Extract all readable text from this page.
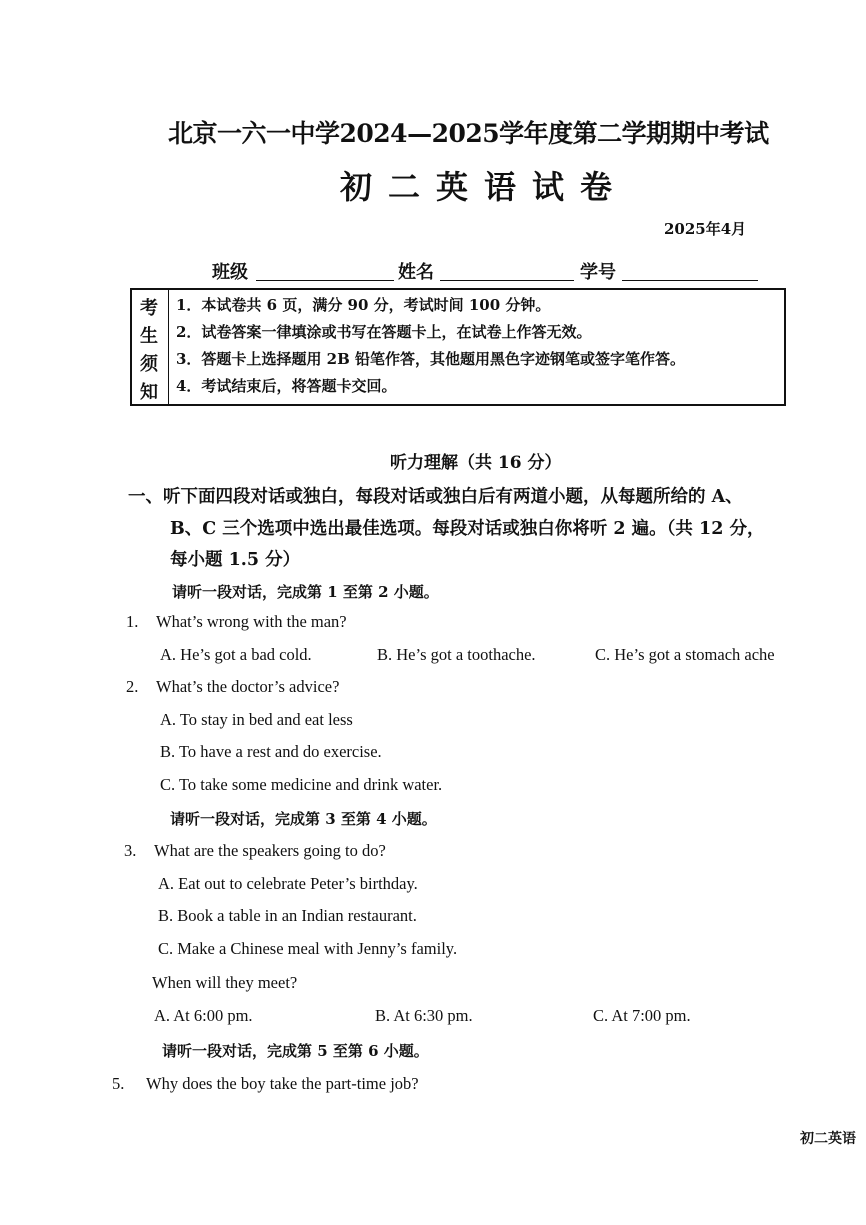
北京一六一中学2024—2025学年度第二学期期中考试
初二英语试卷
2025年4月
班级	姓名	学号
考
生
须
知
1．本试卷共 6 页，满分 90 分，考试时间 100 分钟。
2．试卷答案一律填涂或书写在答题卡上，在试卷上作答无效。
3．答题卡上选择题用 2B 铅笔作答，其他题用黑色字迹钢笔或签字笔作答。
4．考试结束后，将答题卡交回。
听力理解（共 16 分）
一、听下面四段对话或独白，每段对话或独白后有两道小题，从每题所给的 A、
B、C 三个选项中选出最佳选项。每段对话或独白你将听 2 遍。（共 12 分，
每小题 1.5 分）
请听一段对话，完成第 1 至第 2 小题。
1. What’s wrong with the man?
A. He’s got a bad cold.	B. He’s got a toothache.	C. He’s got a stomach ache
2. What’s the doctor’s advice?
A. To stay in bed and eat less
B. To have a rest and do exercise.
C. To take some medicine and drink water.
请听一段对话，完成第 3 至第 4 小题。
3. What are the speakers going to do?
A. Eat out to celebrate Peter’s birthday.
B. Book a table in an Indian restaurant.
C. Make a Chinese meal with Jenny’s family.
When will they meet?
A. At 6:00 pm.	B. At 6:30 pm.	C. At 7:00 pm.
请听一段对话，完成第 5 至第 6 小题。
5. Why does the boy take the part-time job?
初二英语
